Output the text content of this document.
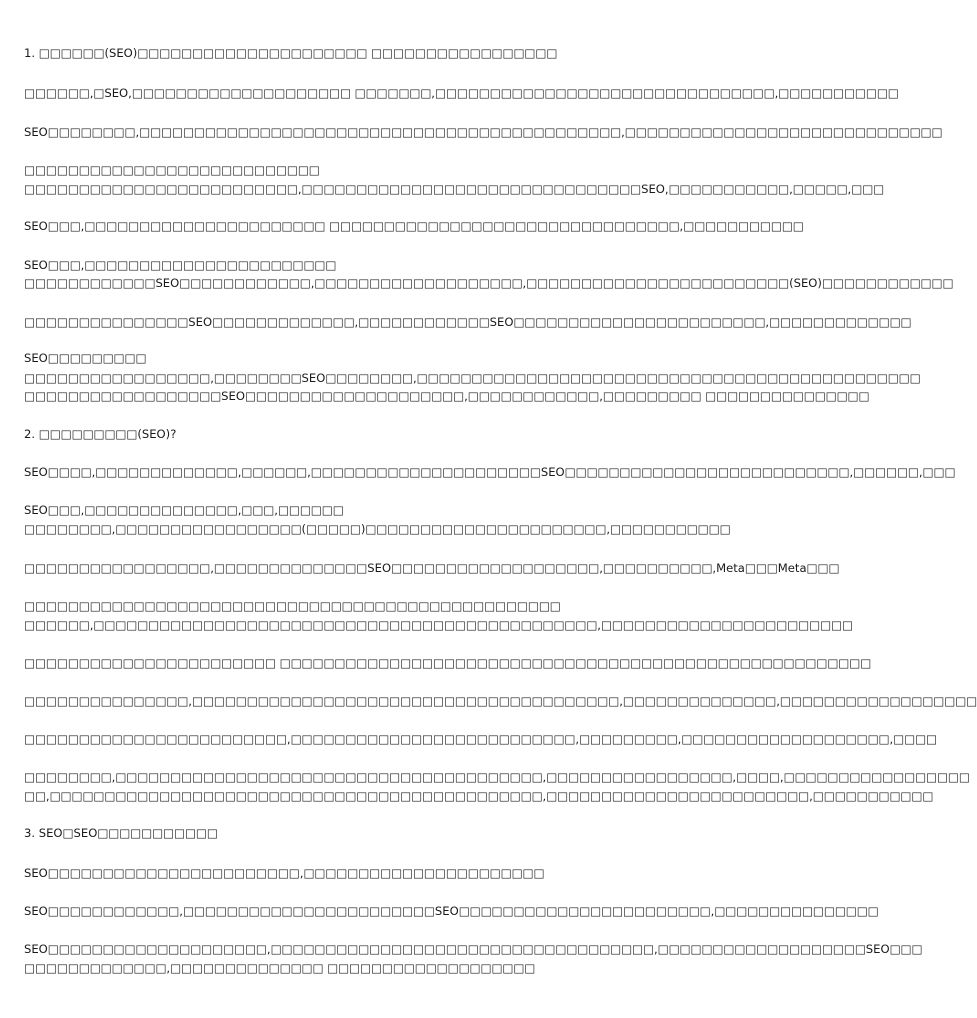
1. □□□□□□(SEO)□□□□□□□□□□□□□□□□□□□□□ □□□□□□□□□□□□□□□□□
□□□□□□,□SEO,□□□□□□□□□□□□□□□□□□□□ □□□□□□□,□□□□□□□□□□□□□□□□□□□□□□□□□□□□□□□,□□□□□□□□□□□
SEO□□□□□□□□,□□□□□□□□□□□□□□□□□□□□□□□□□□□□□□□□□□□□□□□□□□□□,□□□□□□□□□□□□□□□□□□□□□□□□□□□□□
□□□□□□□□□□□□□□□□□□□□□□□□□□□
□□□□□□□□□□□□□□□□□□□□□□□□□,□□□□□□□□□□□□□□□□□□□□□□□□□□□□□□□SEO,□□□□□□□□□□□,□□□□□,□□□
SEO□□□,□□□□□□□□□□□□□□□□□□□□□□ □□□□□□□□□□□□□□□□□□□□□□□□□□□□□□□□,□□□□□□□□□□□
SEO□□□,□□□□□□□□□□□□□□□□□□□□□□□
□□□□□□□□□□□□SEO□□□□□□□□□□□□,□□□□□□□□□□□□□□□□□□□,□□□□□□□□□□□□□□□□□□□□□□□□(SEO)□□□□□□□□□□□□
□□□□□□□□□□□□□□□SEO□□□□□□□□□□□□□,□□□□□□□□□□□□SEO□□□□□□□□□□□□□□□□□□□□□□□,□□□□□□□□□□□□□
SEO□□□□□□□□□
□□□□□□□□□□□□□□□□□,□□□□□□□□SEO□□□□□□□□,□□□□□□□□□□□□□□□□□□□□□□□□□□□□□□□□□□□□□□□□□□□□□□
□□□□□□□□□□□□□□□□□□SEO□□□□□□□□□□□□□□□□□□□□,□□□□□□□□□□□□,□□□□□□□□□ □□□□□□□□□□□□□□□
2. □□□□□□□□□(SEO)?
SEO□□□□,□□□□□□□□□□□□□,□□□□□□,□□□□□□□□□□□□□□□□□□□□□SEO□□□□□□□□□□□□□□□□□□□□□□□□□□,□□□□□□,□□□
SEO□□□,□□□□□□□□□□□□□□,□□□,□□□□□□
□□□□□□□□,□□□□□□□□□□□□□□□□□(□□□□□)□□□□□□□□□□□□□□□□□□□□□□,□□□□□□□□□□□
□□□□□□□□□□□□□□□□□,□□□□□□□□□□□□□□SEO□□□□□□□□□□□□□□□□□□□,□□□□□□□□□□,Meta□□□Meta□□□
□□□□□□□□□□□□□□□□□□□□□□□□□□□□□□□□□□□□□□□□□□□□□□□□□
□□□□□□,□□□□□□□□□□□□□□□□□□□□□□□□□□□□□□□□□□□□□□□□□□□□□□,□□□□□□□□□□□□□□□□□□□□□□□
□□□□□□□□□□□□□□□□□□□□□□□ □□□□□□□□□□□□□□□□□□□□□□□□□□□□□□□□□□□□□□□□□□□□□□□□□□□□□□
□□□□□□□□□□□□□□□,□□□□□□□□□□□□□□□□□□□□□□□□□□□□□□□□□□□□□□□,□□□□□□□□□□□□□□,□□□□□□□□□□□□□□□□□□
□□□□□□□□□□□□□□□□□□□□□□□□,□□□□□□□□□□□□□□□□□□□□□□□□□□,□□□□□□□□□,□□□□□□□□□□□□□□□□□□□,□□□□
□□□□□□□□,□□□□□□□□□□□□□□□□□□□□□□□□□□□□□□□□□□□□□□□,□□□□□□□□□□□□□□□□□,□□□□,□□□□□□□□□□□□□□□□□
□□,□□□□□□□□□□□□□□□□□□□□□□□□□□□□□□□□□□□□□□□□□□□□□,□□□□□□□□□□□□□□□□□□□□□□□□,□□□□□□□□□□□
3. SEO□SEO□□□□□□□□□□□
SEO□□□□□□□□□□□□□□□□□□□□□□□,□□□□□□□□□□□□□□□□□□□□□□
SEO□□□□□□□□□□□□,□□□□□□□□□□□□□□□□□□□□□□□SEO□□□□□□□□□□□□□□□□□□□□□□□,□□□□□□□□□□□□□□□
SEO□□□□□□□□□□□□□□□□□□□□,□□□□□□□□□□□□□□□□□□□□□□□□□□□□□□□□□□□,□□□□□□□□□□□□□□□□□□□SEO□□□
□□□□□□□□□□□□□,□□□□□□□□□□□□□□ □□□□□□□□□□□□□□□□□□□
